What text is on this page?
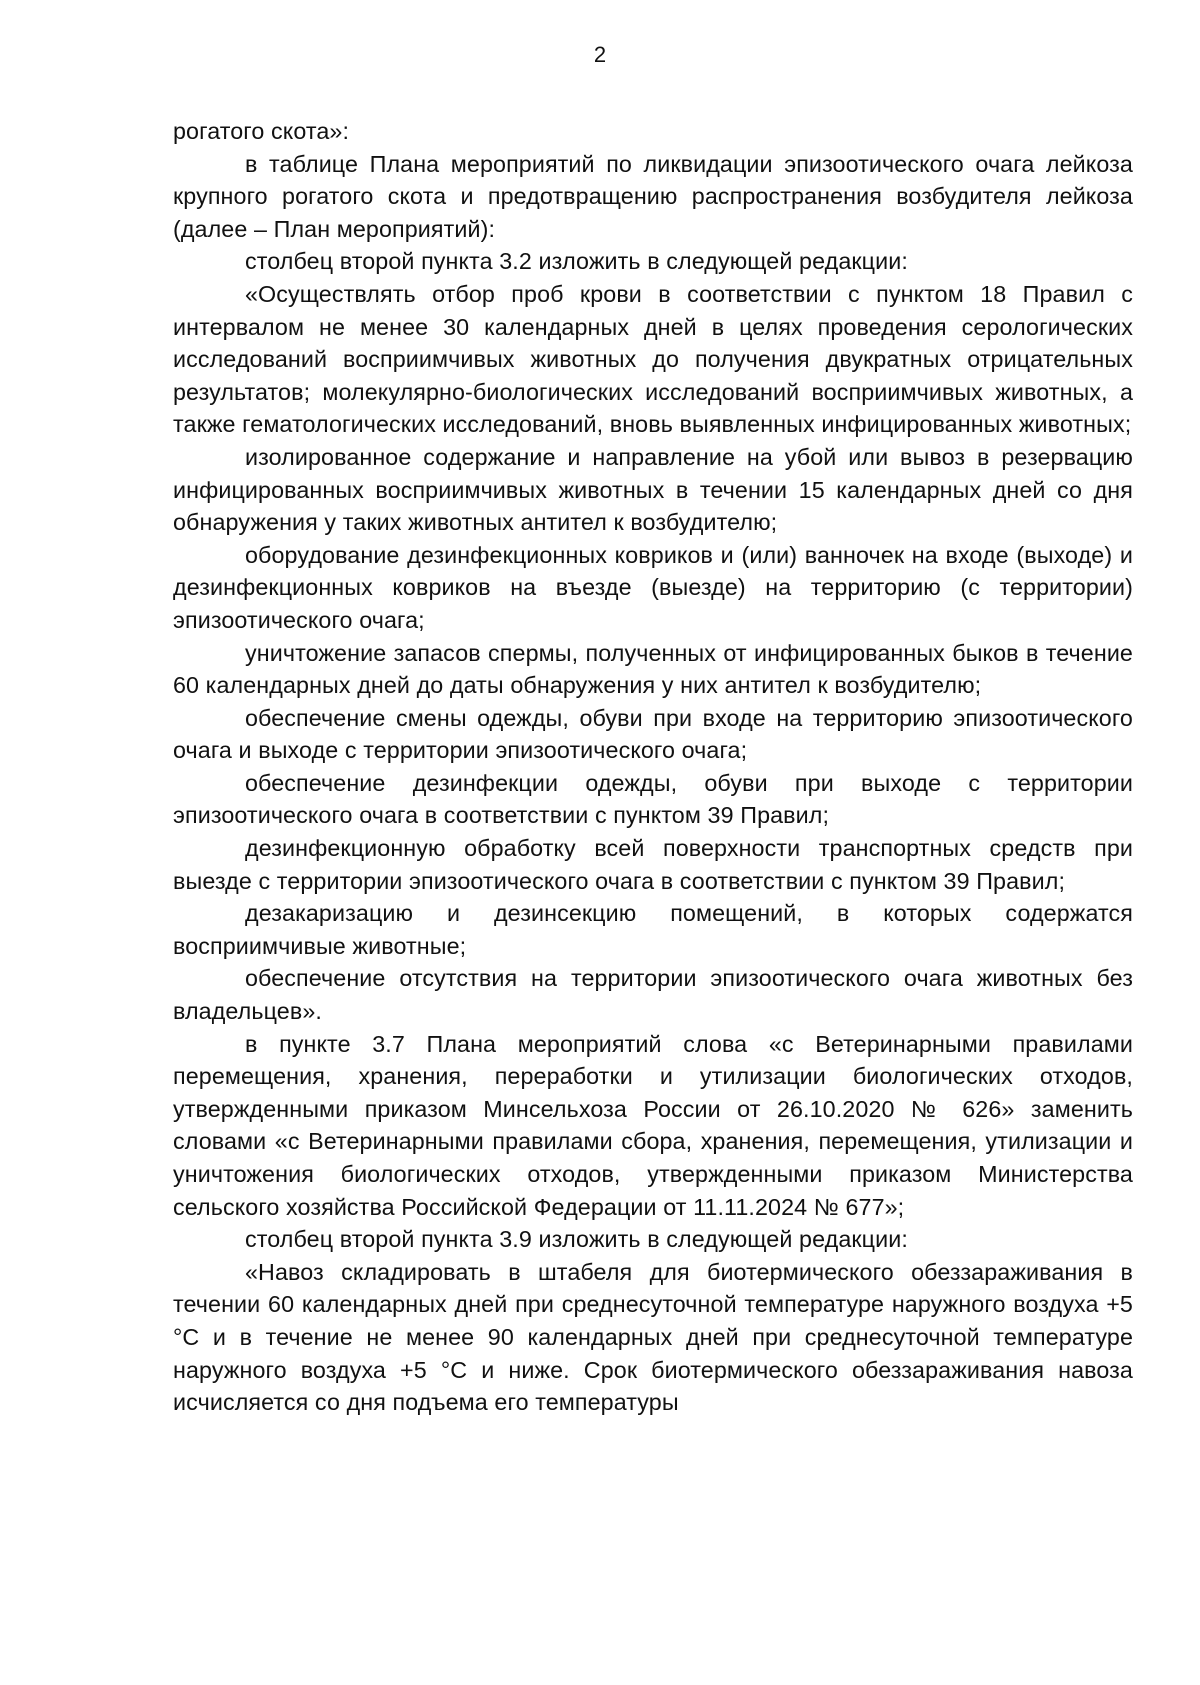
2

рогатого скота»:

в таблице Плана мероприятий по ликвидации эпизоотического очага лейкоза крупного рогатого скота и предотвращению распространения возбудителя лейкоза (далее – План мероприятий):

столбец второй пункта 3.2 изложить в следующей редакции:

«Осуществлять отбор проб крови в соответствии с пунктом 18 Правил с интервалом не менее 30 календарных дней в целях проведения серологических исследований восприимчивых животных до получения двукратных отрицательных результатов; молекулярно-биологических исследований восприимчивых животных, а также гематологических исследований, вновь выявленных инфицированных животных;

изолированное содержание и направление на убой или вывоз в резервацию инфицированных восприимчивых животных в течении 15 календарных дней со дня обнаружения у таких животных антител к возбудителю;

оборудование дезинфекционных ковриков и (или) ванночек на входе (выходе) и дезинфекционных ковриков на въезде (выезде) на территорию (с территории) эпизоотического очага;

уничтожение запасов спермы, полученных от инфицированных быков в течение 60 календарных дней до даты обнаружения у них антител к возбудителю;

обеспечение смены одежды, обуви при входе на территорию эпизоотического очага и выходе с территории эпизоотического очага;

обеспечение дезинфекции одежды, обуви при выходе с территории эпизоотического очага в соответствии с пунктом 39 Правил;

дезинфекционную обработку всей поверхности транспортных средств при выезде с территории эпизоотического очага в соответствии с пунктом 39 Правил;

дезакаризацию и дезинсекцию помещений, в которых содержатся восприимчивые животные;

обеспечение отсутствия на территории эпизоотического очага животных без владельцев».

в пункте 3.7 Плана мероприятий слова «с Ветеринарными правилами перемещения, хранения, переработки и утилизации биологических отходов, утвержденными приказом Минсельхоза России от 26.10.2020 № 626» заменить словами «с Ветеринарными правилами сбора, хранения, перемещения, утилизации и уничтожения биологических отходов, утвержденными приказом Министерства сельского хозяйства Российской Федерации от 11.11.2024 № 677»;

столбец второй пункта 3.9 изложить в следующей редакции:

«Навоз складировать в штабеля для биотермического обеззараживания в течении 60 календарных дней при среднесуточной температуре наружного воздуха +5 °С и в течение не менее 90 календарных дней при среднесуточной температуре наружного воздуха +5 °С и ниже. Срок биотермического обеззараживания навоза исчисляется со дня подъема его температуры
